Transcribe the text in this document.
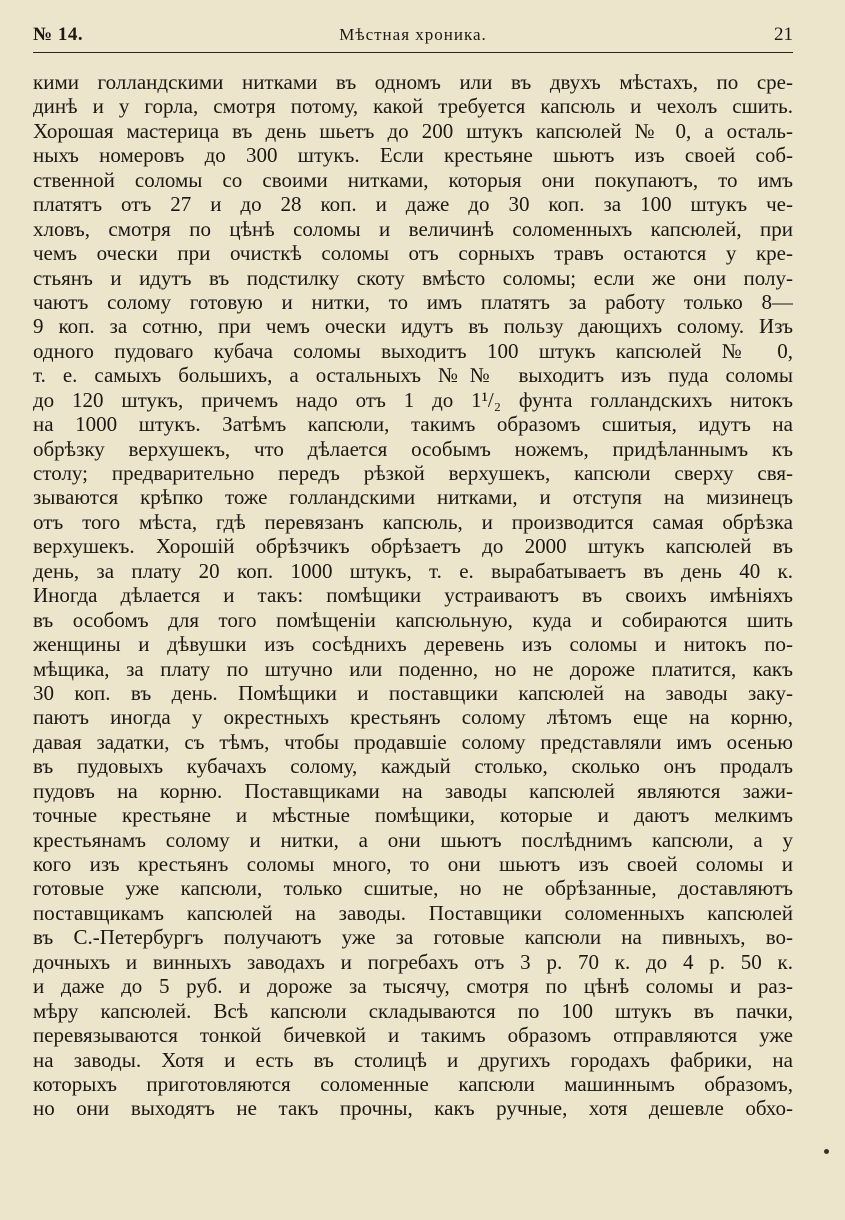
№ 14.	Мѣстная хроника.	21
кими голландскими нитками въ одномъ или въ двухъ мѣстахъ, по сре-
динѣ и у горла, смотря потому, какой требуется капсюль и чехолъ сшить.
Хорошая мастерица въ день шьетъ до 200 штукъ капсюлей № 0, а осталь-
ныхъ номеровъ до 300 штукъ. Если крестьяне шьютъ изъ своей соб-
ственной соломы со своими нитками, которыя они покупаютъ, то имъ
платятъ отъ 27 и до 28 коп. и даже до 30 коп. за 100 штукъ че-
хловъ, смотря по цѣнѣ соломы и величинѣ соломенныхъ капсюлей, при
чемъ очески при очисткѣ соломы отъ сорныхъ травъ остаются у кре-
стьянъ и идутъ въ подстилку скоту вмѣсто соломы; если же они полу-
чаютъ солому готовую и нитки, то имъ платятъ за работу только 8—
9 коп. за сотню, при чемъ очески идутъ въ пользу дающихъ солому. Изъ
одного пудоваго кубача соломы выходитъ 100 штукъ капсюлей № 0,
т. е. самыхъ большихъ, а остальныхъ №№ выходитъ изъ пуда соломы
до 120 штукъ, причемъ надо отъ 1 до 1¹/₂ фунта голландскихъ нитокъ
на 1000 штукъ. Затѣмъ капсюли, такимъ образомъ сшитыя, идутъ на
обрѣзку верхушекъ, что дѣлается особымъ ножемъ, придѣланнымъ къ
столу; предварительно передъ рѣзкой верхушекъ, капсюли сверху свя-
зываются крѣпко тоже голландскими нитками, и отступя на мизинецъ
отъ того мѣста, гдѣ перевязанъ капсюль, и производится самая обрѣзка
верхушекъ. Хорошій обрѣзчикъ обрѣзаетъ до 2000 штукъ капсюлей въ
день, за плату 20 коп. 1000 штукъ, т. е. вырабатываетъ въ день 40 к.
Иногда дѣлается и такъ: помѣщики устраиваютъ въ своихъ имѣніяхъ
въ особомъ для того помѣщеніи капсюльную, куда и собираются шить
женщины и дѣвушки изъ сосѣднихъ деревень изъ соломы и нитокъ по-
мѣщика, за плату по штучно или поденно, но не дороже платится, какъ
30 коп. въ день. Помѣщики и поставщики капсюлей на заводы заку-
паютъ иногда у окрестныхъ крестьянъ солому лѣтомъ еще на корню,
давая задатки, съ тѣмъ, чтобы продавшіе солому представляли имъ осенью
въ пудовыхъ кубачахъ солому, каждый столько, сколько онъ продалъ
пудовъ на корню. Поставщиками на заводы капсюлей являются зажи-
точные крестьяне и мѣстные помѣщики, которые и даютъ мелкимъ
крестьянамъ солому и нитки, а они шьютъ послѣднимъ капсюли, а у
кого изъ крестьянъ соломы много, то они шьютъ изъ своей соломы и
готовые уже капсюли, только сшитые, но не обрѣзанные, доставляютъ
поставщикамъ капсюлей на заводы. Поставщики соломенныхъ капсюлей
въ С.-Петербургъ получаютъ уже за готовые капсюли на пивныхъ, во-
дочныхъ и винныхъ заводахъ и погребахъ отъ 3 р. 70 к. до 4 р. 50 к.
и даже до 5 руб. и дороже за тысячу, смотря по цѣнѣ соломы и раз-
мѣру капсюлей. Всѣ капсюли складываются по 100 штукъ въ пачки,
перевязываются тонкой бичевкой и такимъ образомъ отправляются уже
на заводы. Хотя и есть въ столицѣ и другихъ городахъ фабрики, на
которыхъ приготовляются соломенные капсюли машиннымъ образомъ,
но они выходятъ не такъ прочны, какъ ручные, хотя дешевле обхо-
